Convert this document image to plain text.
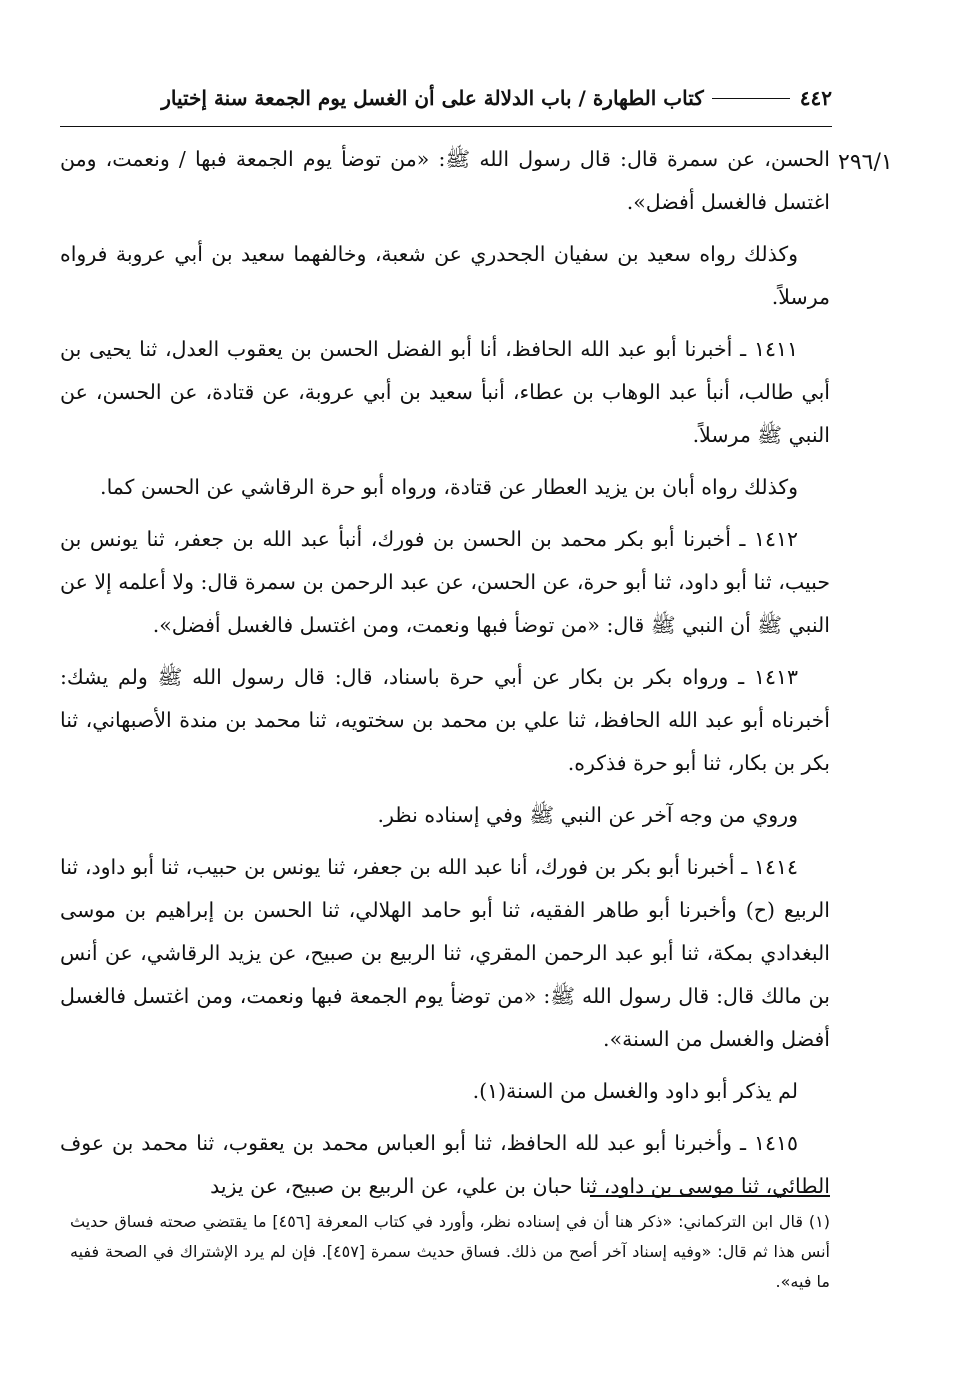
٤٤٢
كتاب الطهارة / باب الدلالة على أن الغسل يوم الجمعة سنة إختيار
٢٩٦/١

الحسن، عن سمرة قال: قال رسول الله ﷺ: «من توضأ يوم الجمعة فبها / ونعمت، ومن اغتسل فالغسل أفضل».

وكذلك رواه سعيد بن سفيان الجحدري عن شعبة، وخالفهما سعيد بن أبي عروبة فرواه مرسلاً.

١٤١١ ـ أخبرنا أبو عبد الله الحافظ، أنا أبو الفضل الحسن بن يعقوب العدل، ثنا يحيى بن أبي طالب، أنبأ عبد الوهاب بن عطاء، أنبأ سعيد بن أبي عروبة، عن قتادة، عن الحسن، عن النبي ﷺ مرسلاً.

وكذلك رواه أبان بن يزيد العطار عن قتادة، ورواه أبو حرة الرقاشي عن الحسن كما.

١٤١٢ ـ أخبرنا أبو بكر محمد بن الحسن بن فورك، أنبأ عبد الله بن جعفر، ثنا يونس بن حبيب، ثنا أبو داود، ثنا أبو حرة، عن الحسن، عن عبد الرحمن بن سمرة قال: ولا أعلمه إلا عن النبي ﷺ أن النبي ﷺ قال: «من توضأ فبها ونعمت، ومن اغتسل فالغسل أفضل».

١٤١٣ ـ ورواه بكر بن بكار عن أبي حرة باسناد، قال: قال رسول الله ﷺ ولم يشك: أخبرناه أبو عبد الله الحافظ، ثنا علي بن محمد بن سختويه، ثنا محمد بن مندة الأصبهاني، ثنا بكر بن بكار، ثنا أبو حرة فذكره.

وروي من وجه آخر عن النبي ﷺ وفي إسناده نظر.

١٤١٤ ـ أخبرنا أبو بكر بن فورك، أنا عبد الله بن جعفر، ثنا يونس بن حبيب، ثنا أبو داود، ثنا الربيع (ح) وأخبرنا أبو طاهر الفقيه، ثنا أبو حامد الهلالي، ثنا الحسن بن إبراهيم بن موسى البغدادي بمكة، ثنا أبو عبد الرحمن المقري، ثنا الربيع بن صبيح، عن يزيد الرقاشي، عن أنس بن مالك قال: قال رسول الله ﷺ: «من توضأ يوم الجمعة فبها ونعمت، ومن اغتسل فالغسل أفضل والغسل من السنة».

لم يذكر أبو داود والغسل من السنة(١).

١٤١٥ ـ وأخبرنا أبو عبد لله الحافظ، ثنا أبو العباس محمد بن يعقوب، ثنا محمد بن عوف الطائي، ثنا موسى بن داود، ثنا حبان بن علي، عن الربيع بن صبيح، عن يزيد

(١) قال ابن التركماني: «ذكر هنا أن في إسناده نظر، وأورد في كتاب المعرفة [٤٥٦] ما يقتضي صحته فساق حديث أنس هذا ثم قال: «وفيه إسناد آخر أصح من ذلك. فساق حديث سمرة [٤٥٧]. فإن لم يرد الإشتراك في الصحة ففيه ما فيه».
